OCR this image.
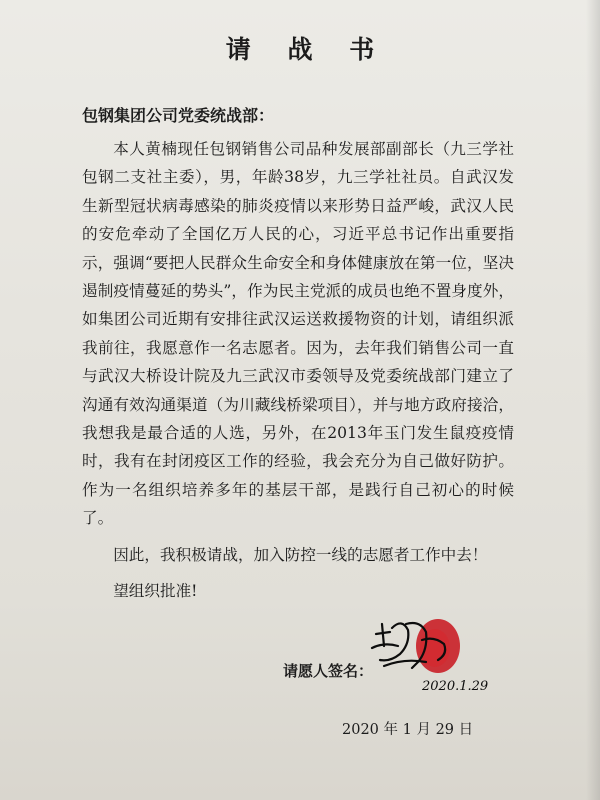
请 战 书
包钢集团公司党委统战部：

本人黄楠现任包钢销售公司品种发展部副部长（九三学社包钢二支社主委），男，年龄38岁，九三学社社员。自武汉发生新型冠状病毒感染的肺炎疫情以来形势日益严峻，武汉人民的安危牵动了全国亿万人民的心，习近平总书记作出重要指示，强调“要把人民群众生命安全和身体健康放在第一位，坚决遏制疫情蔓延的势头”，作为民主党派的成员也绝不置身度外，如集团公司近期有安排往武汉运送救援物资的计划，请组织派我前往，我愿意作一名志愿者。因为，去年我们销售公司一直与武汉大桥设计院及九三武汉市委领导及党委统战部门建立了沟通有效沟通渠道（为川藏线桥梁项目），并与地方政府接洽，我想我是最合适的人选，另外，在2013年玉门发生鼠疫疫情时，我有在封闭疫区工作的经验，我会充分为自己做好防护。作为一名组织培养多年的基层干部，是践行自己初心的时候了。

因此，我积极请战，加入防控一线的志愿者工作中去！

望组织批准!

请愿人签名：
2020.1.29
2020 年 1 月 29 日
